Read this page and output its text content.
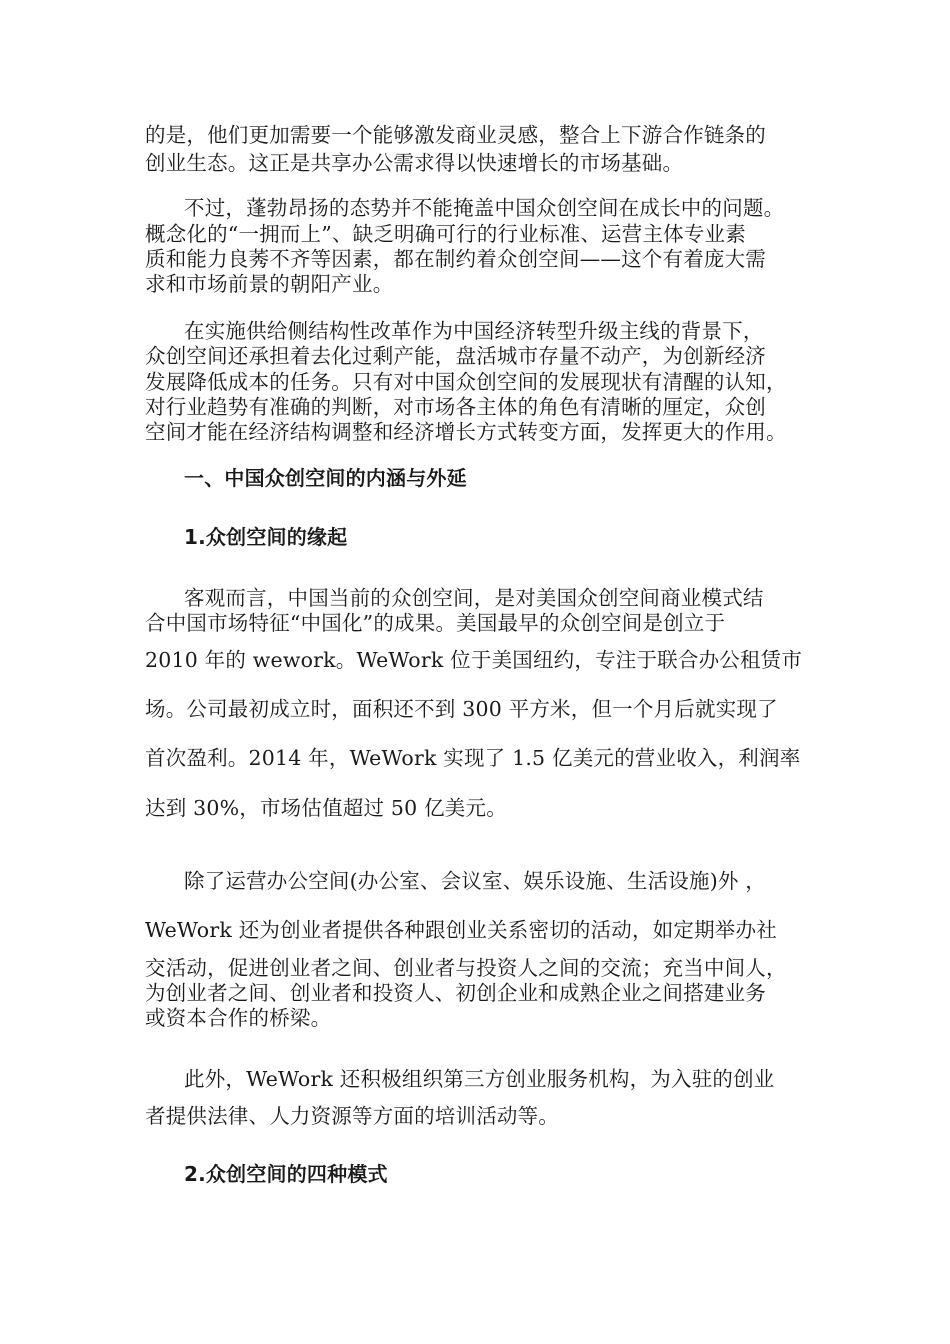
的是，他们更加需要一个能够激发商业灵感，整合上下游合作链条的
创业生态。这正是共享办公需求得以快速增长的市场基础。
不过，蓬勃昂扬的态势并不能掩盖中国众创空间在成长中的问题。
概念化的“一拥而上”、缺乏明确可行的行业标准、运营主体专业素
质和能力良莠不齐等因素，都在制约着众创空间——这个有着庞大需
求和市场前景的朝阳产业。
在实施供给侧结构性改革作为中国经济转型升级主线的背景下，
众创空间还承担着去化过剩产能，盘活城市存量不动产，为创新经济
发展降低成本的任务。只有对中国众创空间的发展现状有清醒的认知，
对行业趋势有准确的判断，对市场各主体的角色有清晰的厘定，众创
空间才能在经济结构调整和经济增长方式转变方面，发挥更大的作用。
一、中国众创空间的内涵与外延
1.众创空间的缘起
客观而言，中国当前的众创空间，是对美国众创空间商业模式结
合中国市场特征“中国化”的成果。美国最早的众创空间是创立于
2010 年的 wework。WeWork 位于美国纽约，专注于联合办公租赁市
场。公司最初成立时，面积还不到 300 平方米，但一个月后就实现了
首次盈利。2014 年，WeWork 实现了 1.5 亿美元的营业收入，利润率
达到 30%，市场估值超过 50 亿美元。
除了运营办公空间(办公室、会议室、娱乐设施、生活设施)外 ，
WeWork 还为创业者提供各种跟创业关系密切的活动，如定期举办社
交活动，促进创业者之间、创业者与投资人之间的交流；充当中间人，
为创业者之间、创业者和投资人、初创企业和成熟企业之间搭建业务
或资本合作的桥梁。
此外，WeWork 还积极组织第三方创业服务机构，为入驻的创业
者提供法律、人力资源等方面的培训活动等。
2.众创空间的四种模式
